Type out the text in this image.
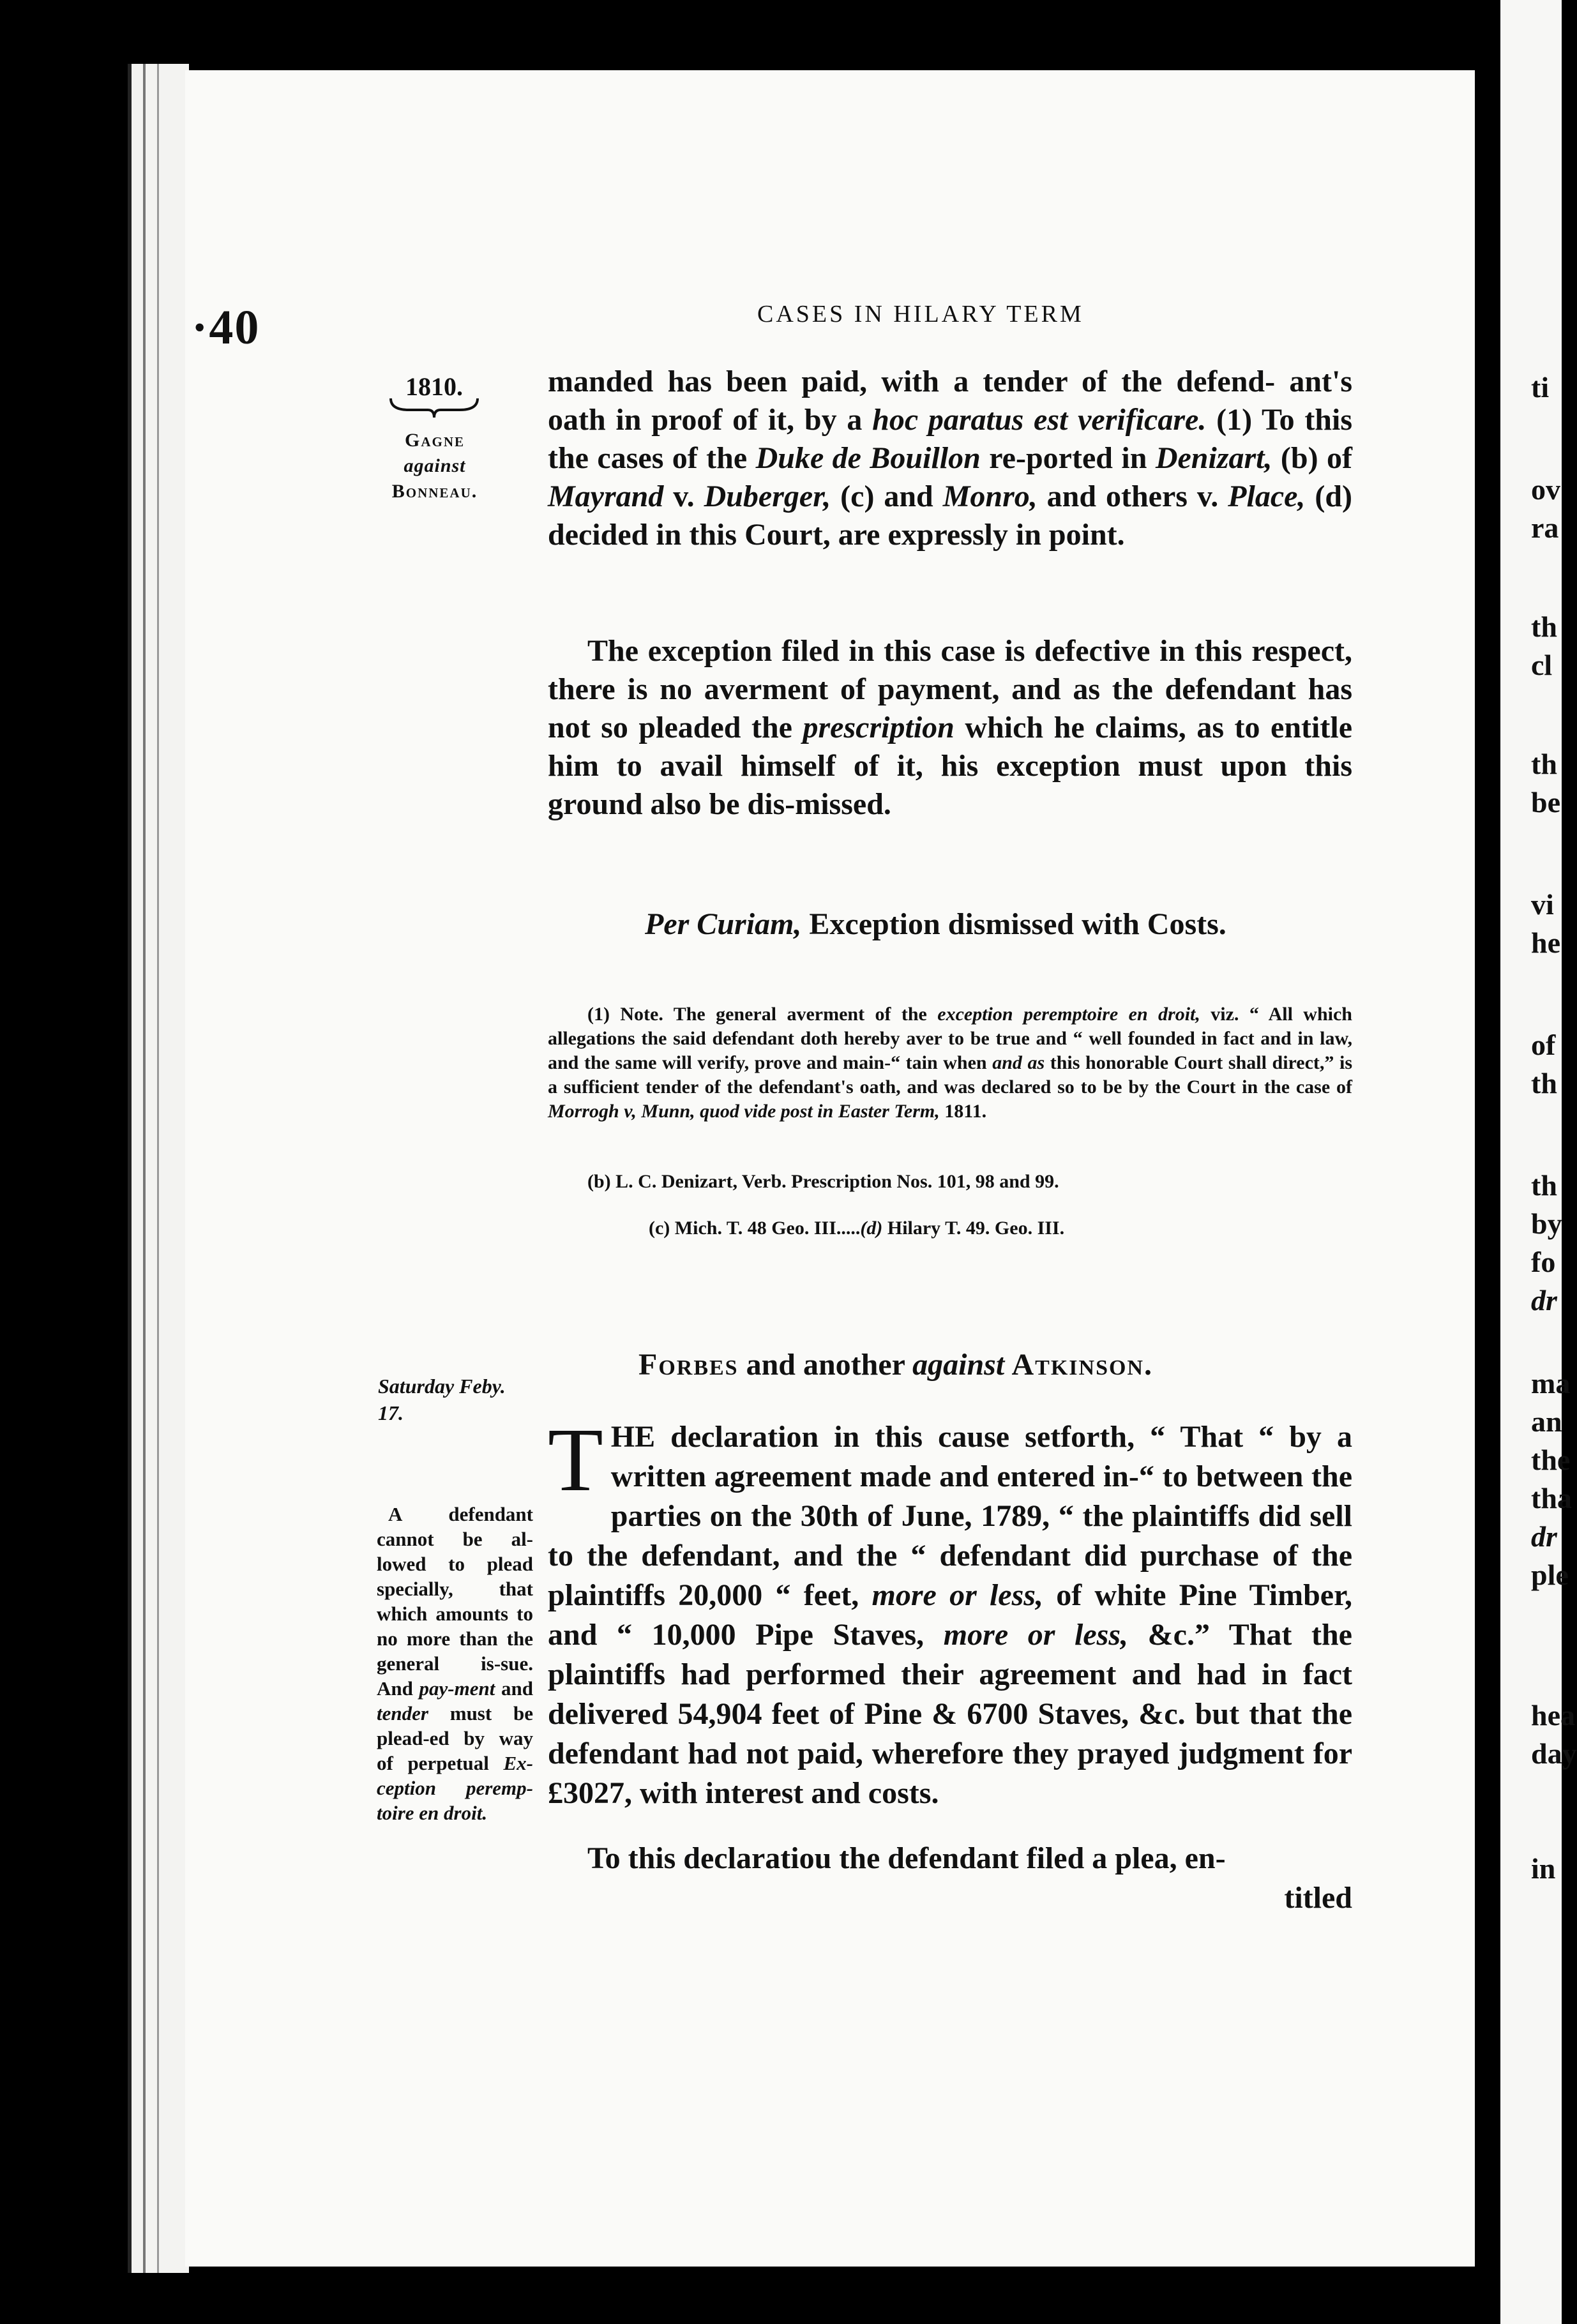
ti
ov
ra
th
cl
th
be
vi
he
of
th
th
by
fo
dr
ma
an
the
tha
dr
ple
hea
day
in
·40	CASES IN HILARY TERM
1810.
Gagne
against
Bonneau.

manded has been paid, with a tender of the defend- ant's oath in proof of it, by a hoc paratus est verificare. (1) To this the cases of the Duke de Bouillon re-ported in Denizart, (b) of Mayrand v. Duberger, (c) and Monro, and others v. Place, (d) decided in this Court, are expressly in point.

The exception filed in this case is defective in this respect, there is no averment of payment, and as the defendant has not so pleaded the prescription which he claims, as to entitle him to avail himself of it, his exception must upon this ground also be dis-missed.

Per Curiam, Exception dismissed with Costs.

(1) Note. The general averment of the exception peremptoire en droit, viz. “ All which allegations the said defendant doth hereby aver to be true and “ well founded in fact and in law, and the same will verify, prove and main-“ tain when and as this honorable Court shall direct,” is a sufficient tender of the defendant's oath, and was declared so to be by the Court in the case of Morrogh v, Munn, quod vide post in Easter Term, 1811.

(b) L. C. Denizart, Verb. Prescription Nos. 101, 98 and 99.
(c) Mich. T. 48 Geo. III.....(d) Hilary T. 49. Geo. III.
Saturday Feby.
17.
Forbes and another against Atkinson.

A defendant cannot be al-lowed to plead specially, that which amounts to no more than the general is-sue. And pay-ment and tender must be plead-ed by way of perpetual Ex-ception peremp-toire en droit.

THE declaration in this cause setforth, “ That “ by a written agreement made and entered in-“ to between the parties on the 30th of June, 1789, “ the plaintiffs did sell to the defendant, and the “ defendant did purchase of the plaintiffs 20,000 “ feet, more or less, of white Pine Timber, and “ 10,000 Pipe Staves, more or less, &c.” That the plaintiffs had performed their agreement and had in fact delivered 54,904 feet of Pine & 6700 Staves, &c. but that the defendant had not paid, wherefore they prayed judgment for £3027, with interest and costs.

To this declaratiou the defendant filed a plea, en-

titled
